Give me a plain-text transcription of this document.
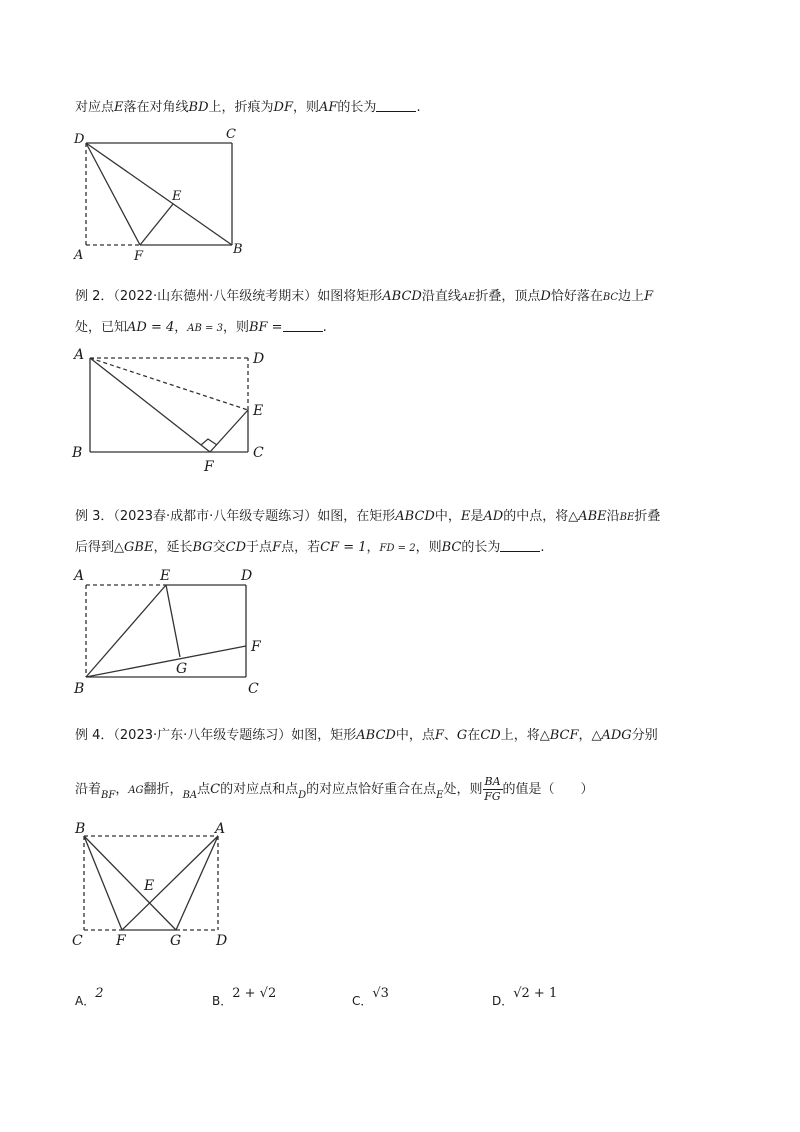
对应点E落在对角线BD上，折痕为DF，则AF的长为	.
D	C
E
A	F	B
例 2．（2022·山东德州·八年级统考期末）如图将矩形ABCD沿直线AE折叠，顶点D恰好落在BC边上F
处，已知AD = 4，AB = 3，则BF =	.
A	D
E
B
F
C
例 3．（2023春·成都市·八年级专题练习）如图，在矩形ABCD中，E是AD的中点，将△ABE沿BE折叠
后得到△GBE，延长BG交CD于点F点，若CF = 1，FD = 2，则BC的长为	.
A	E	D
F
G
B	C
例 4．（2023·广东·八年级专题练习）如图，矩形ABCD中，点F、G在CD上，将△BCF，△ADG分别
沿着$_{BF}$，AG翻折，$_{BA}$点C的对应点和点$_D$的对应点恰好重合在点$_E$处，则 $\frac{BA}{FG}$ 的值是（　　）
B	A
E
C F	G D
$_{A.}$2	$_{B.}$2 + √2	$_{C.}$√3	$_{D.}$√2 + 1
